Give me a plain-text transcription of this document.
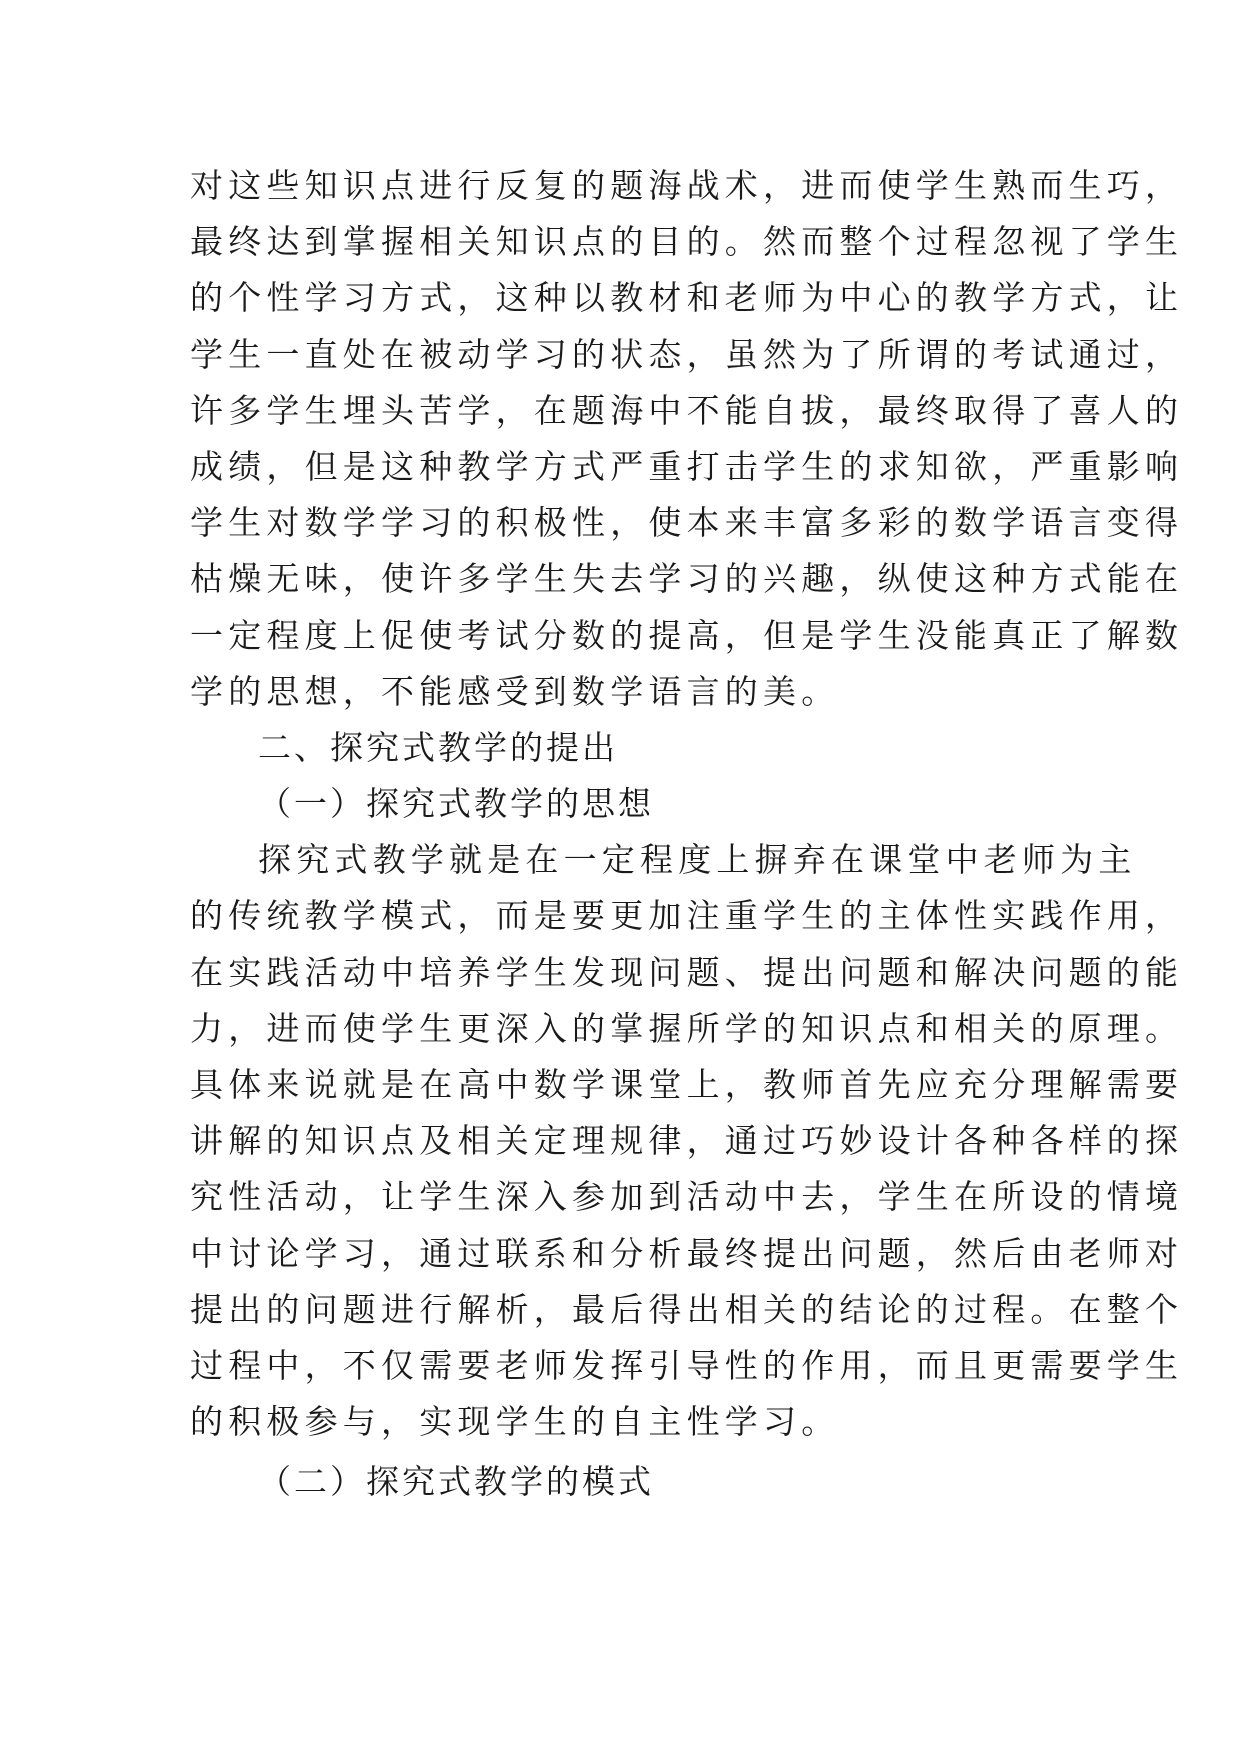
对这些知识点进行反复的题海战术，进而使学生熟而生巧，
最终达到掌握相关知识点的目的。然而整个过程忽视了学生
的个性学习方式，这种以教材和老师为中心的教学方式，让
学生一直处在被动学习的状态，虽然为了所谓的考试通过，
许多学生埋头苦学，在题海中不能自拔，最终取得了喜人的
成绩，但是这种教学方式严重打击学生的求知欲，严重影响
学生对数学学习的积极性，使本来丰富多彩的数学语言变得
枯燥无味，使许多学生失去学习的兴趣，纵使这种方式能在
一定程度上促使考试分数的提高，但是学生没能真正了解数
学的思想，不能感受到数学语言的美。
二、探究式教学的提出
（一）探究式教学的思想
探究式教学就是在一定程度上摒弃在课堂中老师为主
的传统教学模式，而是要更加注重学生的主体性实践作用，
在实践活动中培养学生发现问题、提出问题和解决问题的能
力，进而使学生更深入的掌握所学的知识点和相关的原理。
具体来说就是在高中数学课堂上，教师首先应充分理解需要
讲解的知识点及相关定理规律，通过巧妙设计各种各样的探
究性活动，让学生深入参加到活动中去，学生在所设的情境
中讨论学习，通过联系和分析最终提出问题，然后由老师对
提出的问题进行解析，最后得出相关的结论的过程。在整个
过程中，不仅需要老师发挥引导性的作用，而且更需要学生
的积极参与，实现学生的自主性学习。
（二）探究式教学的模式
